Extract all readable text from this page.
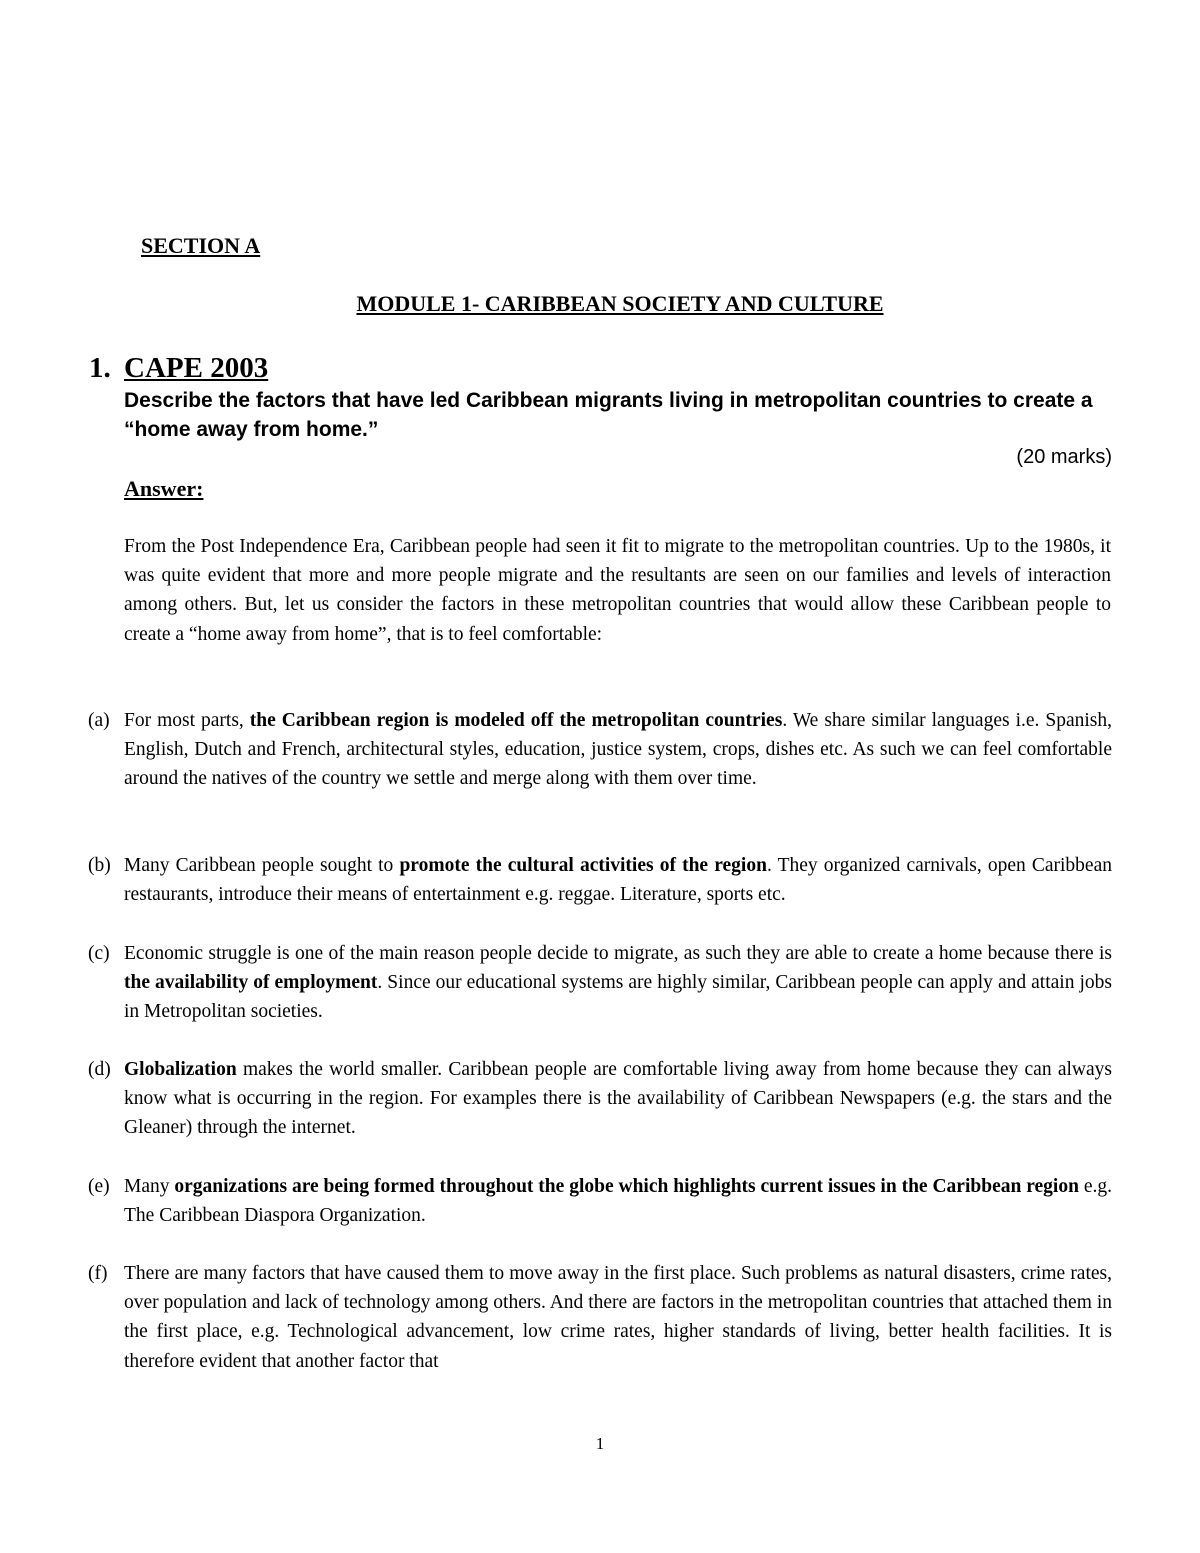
SECTION A
MODULE 1- CARIBBEAN SOCIETY AND CULTURE
1. CAPE 2003
Describe the factors that have led Caribbean migrants living in metropolitan countries to create a “home away from home.”
(20 marks)
Answer:

From the Post Independence Era, Caribbean people had seen it fit to migrate to the metropolitan countries. Up to the 1980s, it was quite evident that more and more people migrate and the resultants are seen on our families and levels of interaction among others. But, let us consider the factors in these metropolitan countries that would allow these Caribbean people to create a “home away from home”, that is to feel comfortable:

(a) For most parts, the Caribbean region is modeled off the metropolitan countries. We share similar languages i.e. Spanish, English, Dutch and French, architectural styles, education, justice system, crops, dishes etc. As such we can feel comfortable around the natives of the country we settle and merge along with them over time.
(b) Many Caribbean people sought to promote the cultural activities of the region. They organized carnivals, open Caribbean restaurants, introduce their means of entertainment e.g. reggae. Literature, sports etc.
(c) Economic struggle is one of the main reason people decide to migrate, as such they are able to create a home because there is the availability of employment. Since our educational systems are highly similar, Caribbean people can apply and attain jobs in Metropolitan societies.
(d) Globalization makes the world smaller. Caribbean people are comfortable living away from home because they can always know what is occurring in the region. For examples there is the availability of Caribbean Newspapers (e.g. the stars and the Gleaner) through the internet.
(e) Many organizations are being formed throughout the globe which highlights current issues in the Caribbean region e.g. The Caribbean Diaspora Organization.
(f) There are many factors that have caused them to move away in the first place. Such problems as natural disasters, crime rates, over population and lack of technology among others. And there are factors in the metropolitan countries that attached them in the first place, e.g. Technological advancement, low crime rates, higher standards of living, better health facilities. It is therefore evident that another factor that
1
